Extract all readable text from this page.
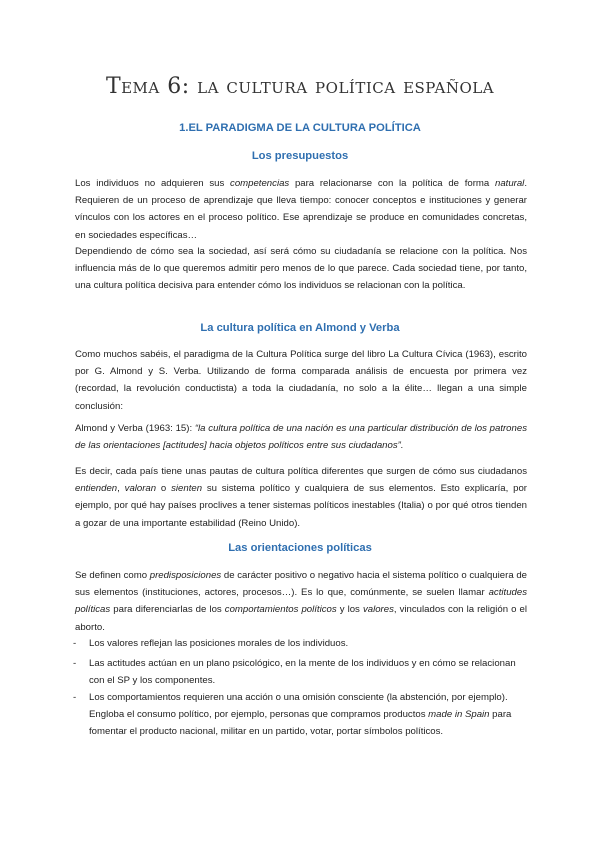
Tema 6: la cultura política española
1.EL PARADIGMA DE LA CULTURA POLÍTICA
Los presupuestos
Los individuos no adquieren sus competencias para relacionarse con la política de forma natural. Requieren de un proceso de aprendizaje que lleva tiempo: conocer conceptos e instituciones y generar vínculos con los actores en el proceso político. Ese aprendizaje se produce en comunidades concretas, en sociedades específicas…
Dependiendo de cómo sea la sociedad, así será cómo su ciudadanía se relacione con la política. Nos influencia más de lo que queremos admitir pero menos de lo que parece. Cada sociedad tiene, por tanto, una cultura política decisiva para entender cómo los individuos se relacionan con la política.
La cultura política en Almond y Verba
Como muchos sabéis, el paradigma de la Cultura Política surge del libro La Cultura Cívica (1963), escrito por G. Almond y S. Verba. Utilizando de forma comparada análisis de encuesta por primera vez (recordad, la revolución conductista) a toda la ciudadanía, no solo a la élite… llegan a una simple conclusión:
Almond y Verba (1963: 15): “la cultura política de una nación es una particular distribución de los patrones de las orientaciones [actitudes] hacia objetos políticos entre sus ciudadanos”.
Es decir, cada país tiene unas pautas de cultura política diferentes que surgen de cómo sus ciudadanos entienden, valoran o sienten su sistema político y cualquiera de sus elementos. Esto explicaría, por ejemplo, por qué hay países proclives a tener sistemas políticos inestables (Italia) o por qué otros tienden a gozar de una importante estabilidad (Reino Unido).
Las orientaciones políticas
Se definen como predisposiciones de carácter positivo o negativo hacia el sistema político o cualquiera de sus elementos (instituciones, actores, procesos…). Es lo que, comúnmente, se suelen llamar actitudes políticas para diferenciarlas de los comportamientos políticos y los valores, vinculados con la religión o el aborto.
- Los valores reflejan las posiciones morales de los individuos.
- Las actitudes actúan en un plano psicológico, en la mente de los individuos y en cómo se relacionan con el SP y los componentes.
- Los comportamientos requieren una acción o una omisión consciente (la abstención, por ejemplo). Engloba el consumo político, por ejemplo, personas que compramos productos made in Spain para fomentar el producto nacional, militar en un partido, votar, portar símbolos políticos.
